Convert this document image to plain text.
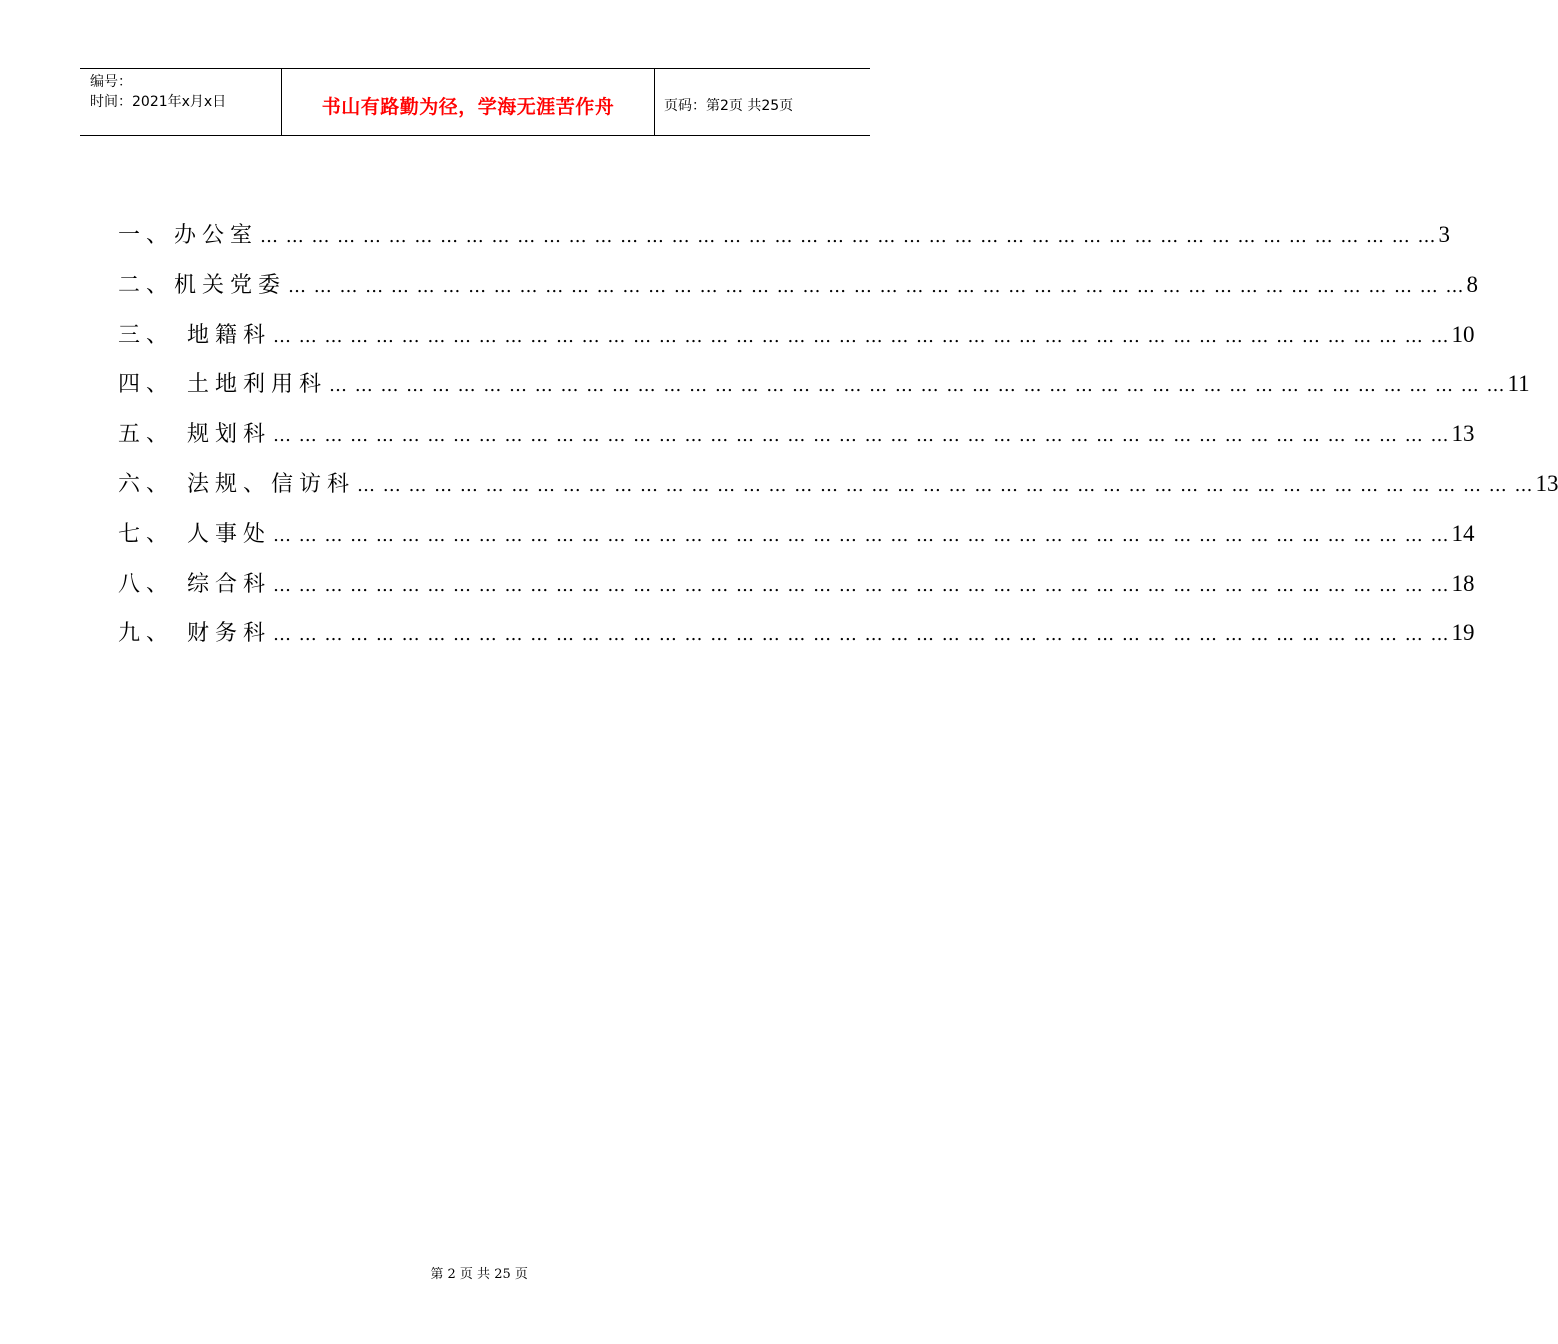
编号：
时间：2021年x月x日	书山有路勤为径，学海无涯苦作舟	页码：第2页 共25页
一、办公室 … … … … … … … … … … … … … … … … … … … … … … … … … … … … … … … … … … … … … … … … … … … … … … 3
二、机关党委 … … … … … … … … … … … … … … … … … … … … … … … … … … … … … … … … … … … … … … … … … … … … … … 8
三、 地籍科 … … … … … … … … … … … … … … … … … … … … … … … … … … … … … … … … … … … … … … … … … … … … … … 10
四、 土地利用科 … … … … … … … … … … … … … … … … … … … … … … … … … … … … … … … … … … … … … … … … … … … … … … 11
五、 规划科 … … … … … … … … … … … … … … … … … … … … … … … … … … … … … … … … … … … … … … … … … … … … … … 13
六、 法规、信访科 … … … … … … … … … … … … … … … … … … … … … … … … … … … … … … … … … … … … … … … … … … … … … … 13
七、 人事处 … … … … … … … … … … … … … … … … … … … … … … … … … … … … … … … … … … … … … … … … … … … … … … 14
八、 综合科 … … … … … … … … … … … … … … … … … … … … … … … … … … … … … … … … … … … … … … … … … … … … … … 18
九、 财务科 … … … … … … … … … … … … … … … … … … … … … … … … … … … … … … … … … … … … … … … … … … … … … … 19

第 2 页 共 25 页
